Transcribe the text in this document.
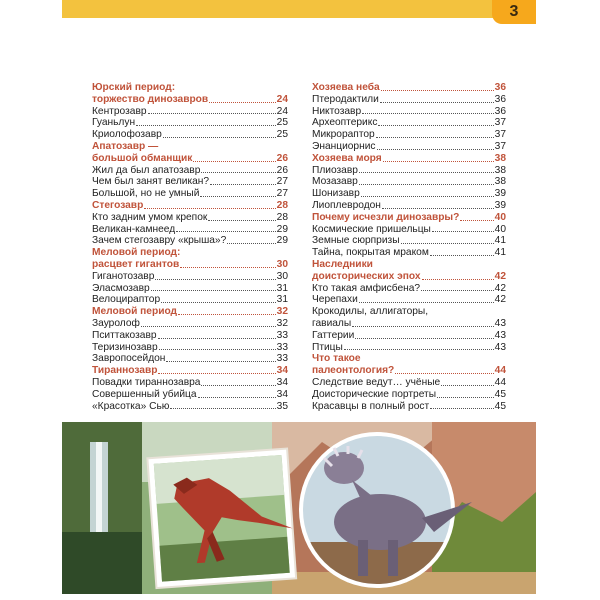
3
Юрский период:
торжество динозавров	24
Кентрозавр	24
Гуаньлун	25
Криолофозавр	25
Апатозавр —
большой обманщик	26
Жил да был апатозавр	26
Чем был занят великан?	27
Большой, но не умный	27
Стегозавр	28
Кто задним умом крепок	28
Великан-камнеед	29
Зачем стегозавру «крыша»?	29
Меловой период:
расцвет гигантов	30
Гиганотозавр	30
Эласмозавр	31
Велоцираптор	31
Меловой период	32
Зауролоф	32
Пситтакозавр	33
Теризинозавр	33
Завропосейдон	33
Тираннозавр	34
Повадки тираннозавра	34
Совершенный убийца	34
«Красотка» Сью	35
Хозяева неба	36
Птеродактили	36
Никтозавр	36
Археоптерикс	37
Микрораптор	37
Энанциорнис	37
Хозяева моря	38
Плиозавр	38
Мозазавр	38
Шонизавр	39
Лиоплевродон	39
Почему исчезли динозавры?	40
Космические пришельцы	40
Земные сюрпризы	41
Тайна, покрытая мраком	41
Наследники
доисторических эпох	42
Кто такая амфисбена?	42
Черепахи	42
Крокодилы, аллигаторы,
гавиалы	43
Гаттерии	43
Птицы	43
Что такое
палеонтология?	44
Следствие ведут… учёные	44
Доисторические портреты	45
Красавцы в полный рост	45
